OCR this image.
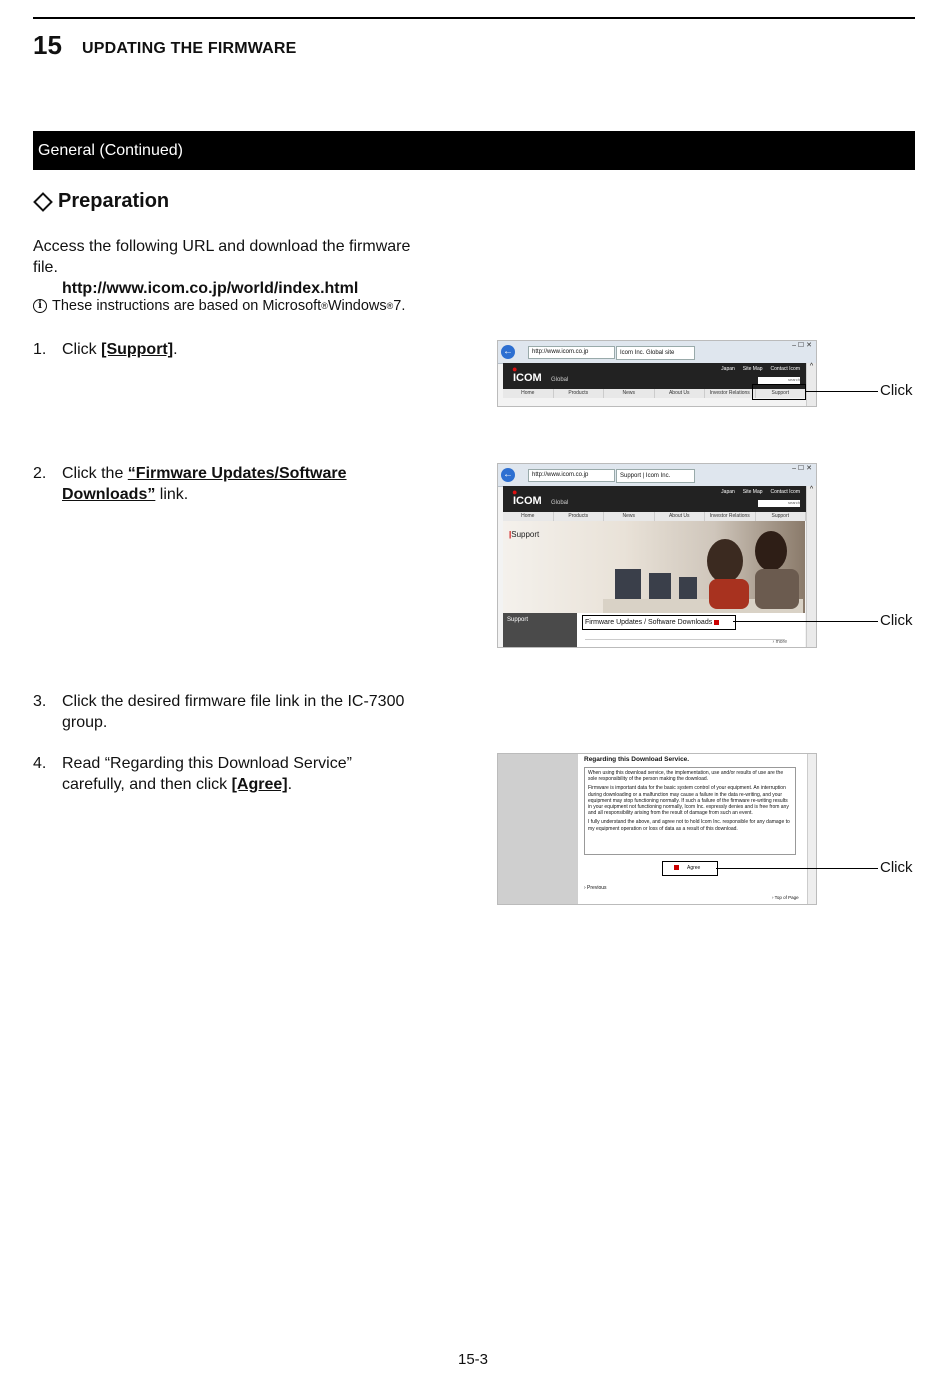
15 UPDATING THE FIRMWARE
General (Continued)
Preparation
Access the following URL and download the firmware
file.
http://www.icom.co.jp/world/index.html
i These instructions are based on Microsoft ® Windows ® 7.
1. Click [Support].
2. Click the “Firmware Updates/Software
Downloads” link.
3. Click the desired firmware file link in the IC-7300
group.
4. Read “Regarding this Download Service”
carefully, and then click [Agree].
←	http://www.icom.co.jp	Icom Inc. Global site
– ☐ ✕
●
ICOM Global
Japan Site Map Contact Icom
search
Home	Products	News	About Us	Investor Relations	Support
^
Click
←	http://www.icom.co.jp	Support | Icom Inc.
– ☐ ✕
●
ICOM Global
Japan Site Map Contact Icom
search
Home	Products	News	About Us	Investor Relations	Support
|Support
Support
› more
Firmware Updates / Software Downloads
^
Click
Regarding this Download Service.
When using this download service, the implementation, use and/or results of use are the sole responsibility of the person making the download.
Firmware is important data for the basic system control of your equipment. An interruption during downloading or a malfunction may cause a failure in the data re-writing, and your equipment may stop functioning normally. If such a failure of the firmware re-writing results in your equipment not functioning normally, Icom Inc. expressly denies and is free from any and all responsibility arising from the result of damage from such an event.
I fully understand the above, and agree not to hold Icom Inc. responsible for any damage to my equipment operation or loss of data as a result of this download.
Agree
› Previous
› Top of Page
Click
15-3
